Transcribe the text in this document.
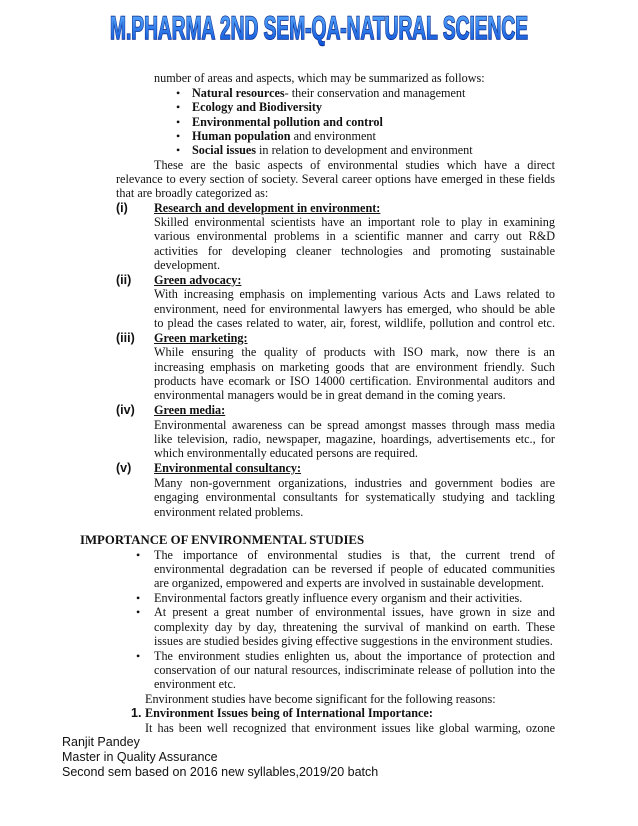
M.PHARMA 2ND SEM-QA-NATURAL SCIENCE
number of areas and aspects, which may be summarized as follows:
• Natural resources- their conservation and management
• Ecology and Biodiversity
• Environmental pollution and control
• Human population and environment
• Social issues in relation to development and environment
These are the basic aspects of environmental studies which have a direct
relevance to every section of society. Several career options have emerged in these fields
that are broadly categorized as:
(i) Research and development in environment:
Skilled environmental scientists have an important role to play in examining
various environmental problems in a scientific manner and carry out R&D
activities for developing cleaner technologies and promoting sustainable
development.
(ii) Green advocacy:
With increasing emphasis on implementing various Acts and Laws related to
environment, need for environmental lawyers has emerged, who should be able
to plead the cases related to water, air, forest, wildlife, pollution and control etc.
(iii) Green marketing:
While ensuring the quality of products with ISO mark, now there is an
increasing emphasis on marketing goods that are environment friendly. Such
products have ecomark or ISO 14000 certification. Environmental auditors and
environmental managers would be in great demand in the coming years.
(iv) Green media:
Environmental awareness can be spread amongst masses through mass media
like television, radio, newspaper, magazine, hoardings, advertisements etc., for
which environmentally educated persons are required.
(v) Environmental consultancy:
Many non-government organizations, industries and government bodies are
engaging environmental consultants for systematically studying and tackling
environment related problems.
IMPORTANCE OF ENVIRONMENTAL STUDIES
• The importance of environmental studies is that, the current trend of
environmental degradation can be reversed if people of educated communities
are organized, empowered and experts are involved in sustainable development.
• Environmental factors greatly influence every organism and their activities.
• At present a great number of environmental issues, have grown in size and
complexity day by day, threatening the survival of mankind on earth. These
issues are studied besides giving effective suggestions in the environment studies.
• The environment studies enlighten us, about the importance of protection and
conservation of our natural resources, indiscriminate release of pollution into the
environment etc.
Environment studies have become significant for the following reasons:
1. Environment Issues being of International Importance:
It has been well recognized that environment issues like global warming, ozone
Ranjit Pandey
Master in Quality Assurance
Second sem based on 2016 new syllables,2019/20 batch
